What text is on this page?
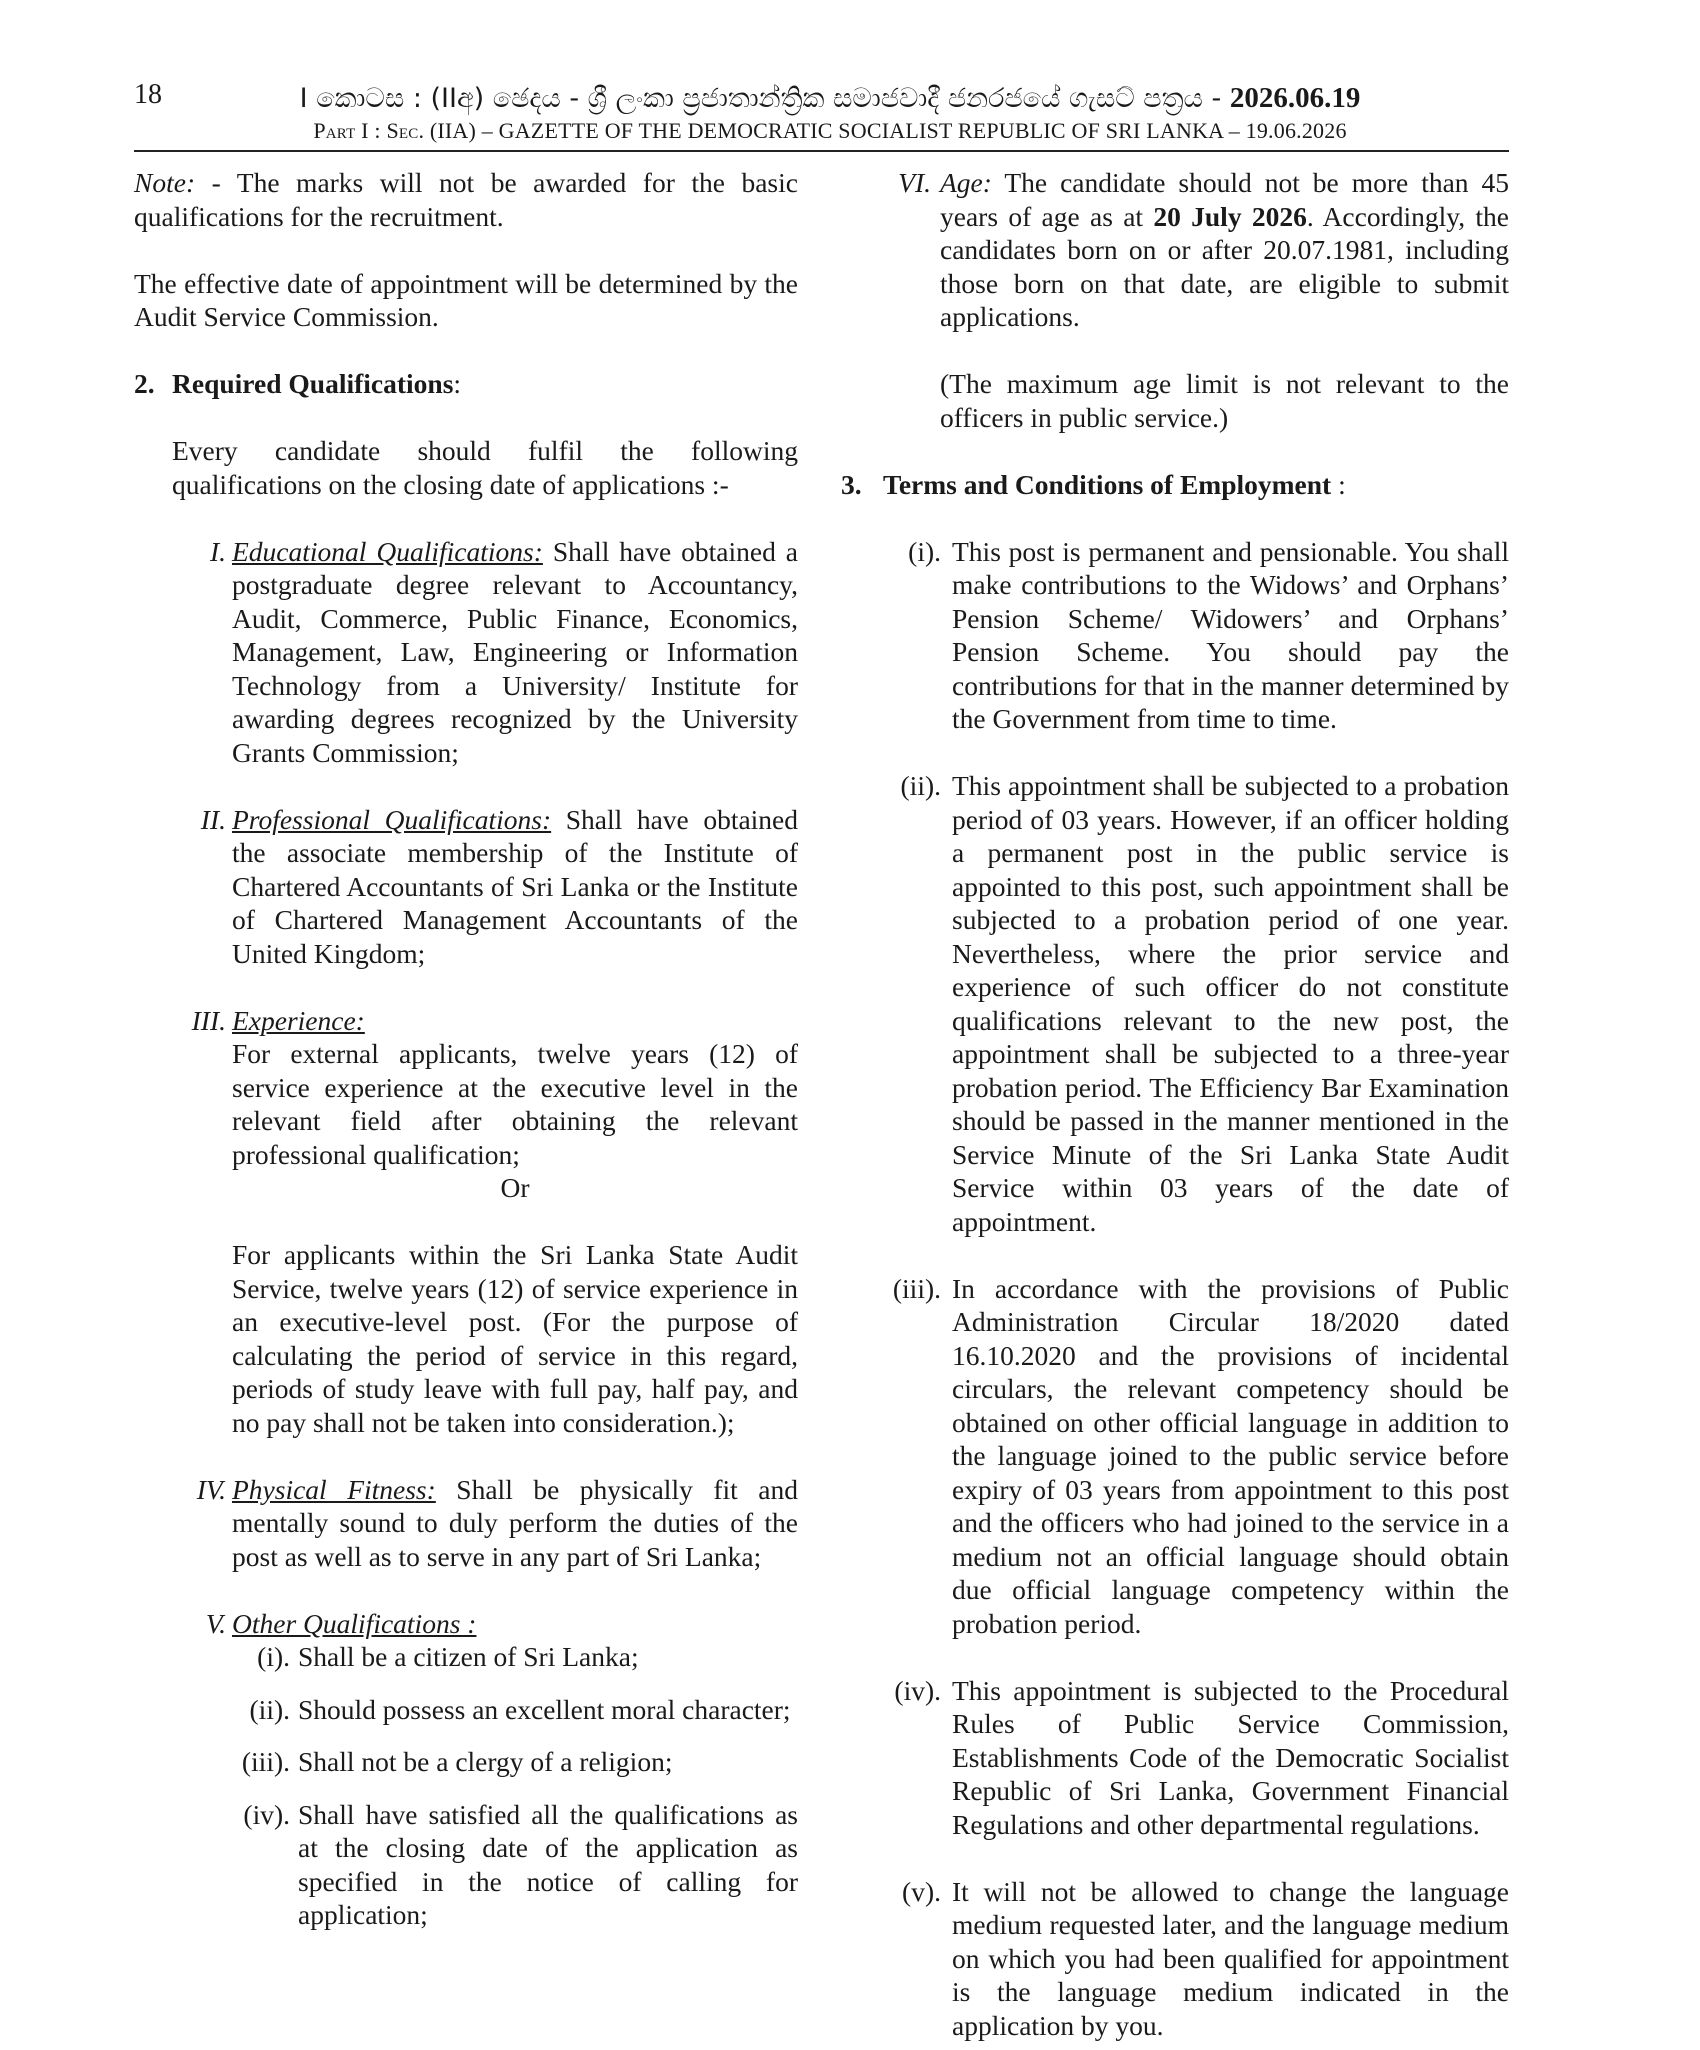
18	I කොටස : (IIඅ) ඡෙදය - ශ්‍රී ලංකා ප්‍රජාතාන්ත්‍රික සමාජවාදී ජනරජයේ ගැසට් පත්‍රය - 2026.06.19
Part I : Sec. (IIA) – GAZETTE OF THE DEMOCRATIC SOCIALIST REPUBLIC OF SRI LANKA – 19.06.2026

Note: - The marks will not be awarded for the basic qualifications for the recruitment.

The effective date of appointment will be determined by the Audit Service Commission.

2. Required Qualifications:

Every candidate should fulfil the following qualifications on the closing date of applications :-

I. Educational Qualifications: Shall have obtained a postgraduate degree relevant to Accountancy, Audit, Commerce, Public Finance, Economics, Management, Law, Engineering or Information Technology from a University/ Institute for awarding degrees recognized by the University Grants Commission;
II. Professional Qualifications: Shall have obtained the associate membership of the Institute of Chartered Accountants of Sri Lanka or the Institute of Chartered Management Accountants of the United Kingdom;
III. Experience:

For external applicants, twelve years (12) of service experience at the executive level in the relevant field after obtaining the relevant professional qualification;

Or

For applicants within the Sri Lanka State Audit Service, twelve years (12) of service experience in an executive-level post. (For the purpose of calculating the period of service in this regard, periods of study leave with full pay, half pay, and no pay shall not be taken into consideration.);

IV. Physical Fitness: Shall be physically fit and mentally sound to duly perform the duties of the post as well as to serve in any part of Sri Lanka;
V. Other Qualifications :
(i). Shall be a citizen of Sri Lanka;
(ii). Should possess an excellent moral character;
(iii). Shall not be a clergy of a religion;
(iv). Shall have satisfied all the qualifications as at the closing date of the application as specified in the notice of calling for application;
VI. Age: The candidate should not be more than 45 years of age as at 20 July 2026. Accordingly, the candidates born on or after 20.07.1981, including those born on that date, are eligible to submit applications.

(The maximum age limit is not relevant to the officers in public service.)

3. Terms and Conditions of Employment :
(i). This post is permanent and pensionable. You shall make contributions to the Widows’ and Orphans’ Pension Scheme/ Widowers’ and Orphans’ Pension Scheme. You should pay the contributions for that in the manner determined by the Government from time to time.
(ii). This appointment shall be subjected to a probation period of 03 years. However, if an officer holding a permanent post in the public service is appointed to this post, such appointment shall be subjected to a probation period of one year. Nevertheless, where the prior service and experience of such officer do not constitute qualifications relevant to the new post, the appointment shall be subjected to a three-year probation period. The Efficiency Bar Examination should be passed in the manner mentioned in the Service Minute of the Sri Lanka State Audit Service within 03 years of the date of appointment.
(iii). In accordance with the provisions of Public Administration Circular 18/2020 dated 16.10.2020 and the provisions of incidental circulars, the relevant competency should be obtained on other official language in addition to the language joined to the public service before expiry of 03 years from appointment to this post and the officers who had joined to the service in a medium not an official language should obtain due official language competency within the probation period.
(iv). This appointment is subjected to the Procedural Rules of Public Service Commission, Establishments Code of the Democratic Socialist Republic of Sri Lanka, Government Financial Regulations and other departmental regulations.
(v). It will not be allowed to change the language medium requested later, and the language medium on which you had been qualified for appointment is the language medium indicated in the application by you.
